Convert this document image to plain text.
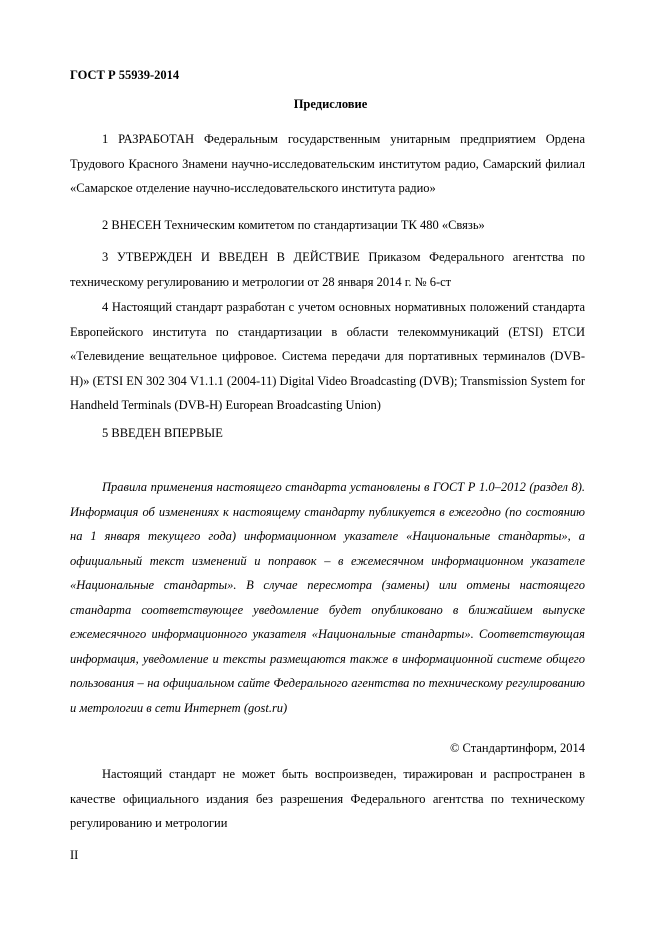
ГОСТ Р 55939-2014
Предисловие

1 РАЗРАБОТАН Федеральным государственным унитарным предприятием Ордена Трудового Красного Знамени научно-исследовательским институтом радио, Самарский филиал «Самарское отделение научно-исследовательского института радио»

2 ВНЕСЕН Техническим комитетом по стандартизации ТК 480 «Связь»

3 УТВЕРЖДЕН И ВВЕДЕН В ДЕЙСТВИЕ Приказом Федерального агентства по техническому регулированию и метрологии от 28 января 2014 г. № 6-ст

4 Настоящий стандарт разработан с учетом основных нормативных положений стандарта Европейского института по стандартизации в области телекоммуникаций (ETSI) ЕТСИ «Телевидение вещательное цифровое. Система передачи для портативных терминалов (DVB-H)» (ETSI EN 302 304 V1.1.1 (2004-11) Digital Video Broadcasting (DVB); Transmission System for Handheld Terminals (DVB-H) European Broadcasting Union)

5 ВВЕДЕН ВПЕРВЫЕ

Правила применения настоящего стандарта установлены в ГОСТ Р 1.0–2012 (раздел 8). Информация об изменениях к настоящему стандарту публикуется в ежегодно (по состоянию на 1 января текущего года) информационном указателе «Национальные стандарты», а официальный текст изменений и поправок – в ежемесячном информационном указателе «Национальные стандарты». В случае пересмотра (замены) или отмены настоящего стандарта соответствующее уведомление будет опубликовано в ближайшем выпуске ежемесячного информационного указателя «Национальные стандарты». Соответствующая информация, уведомление и тексты размещаются также в информационной системе общего пользования – на официальном сайте Федерального агентства по техническому регулированию и метрологии в сети Интернет (gost.ru)

© Стандартинформ, 2014

Настоящий стандарт не может быть воспроизведен, тиражирован и распространен в качестве официального издания без разрешения Федерального агентства по техническому регулированию и метрологии

II
